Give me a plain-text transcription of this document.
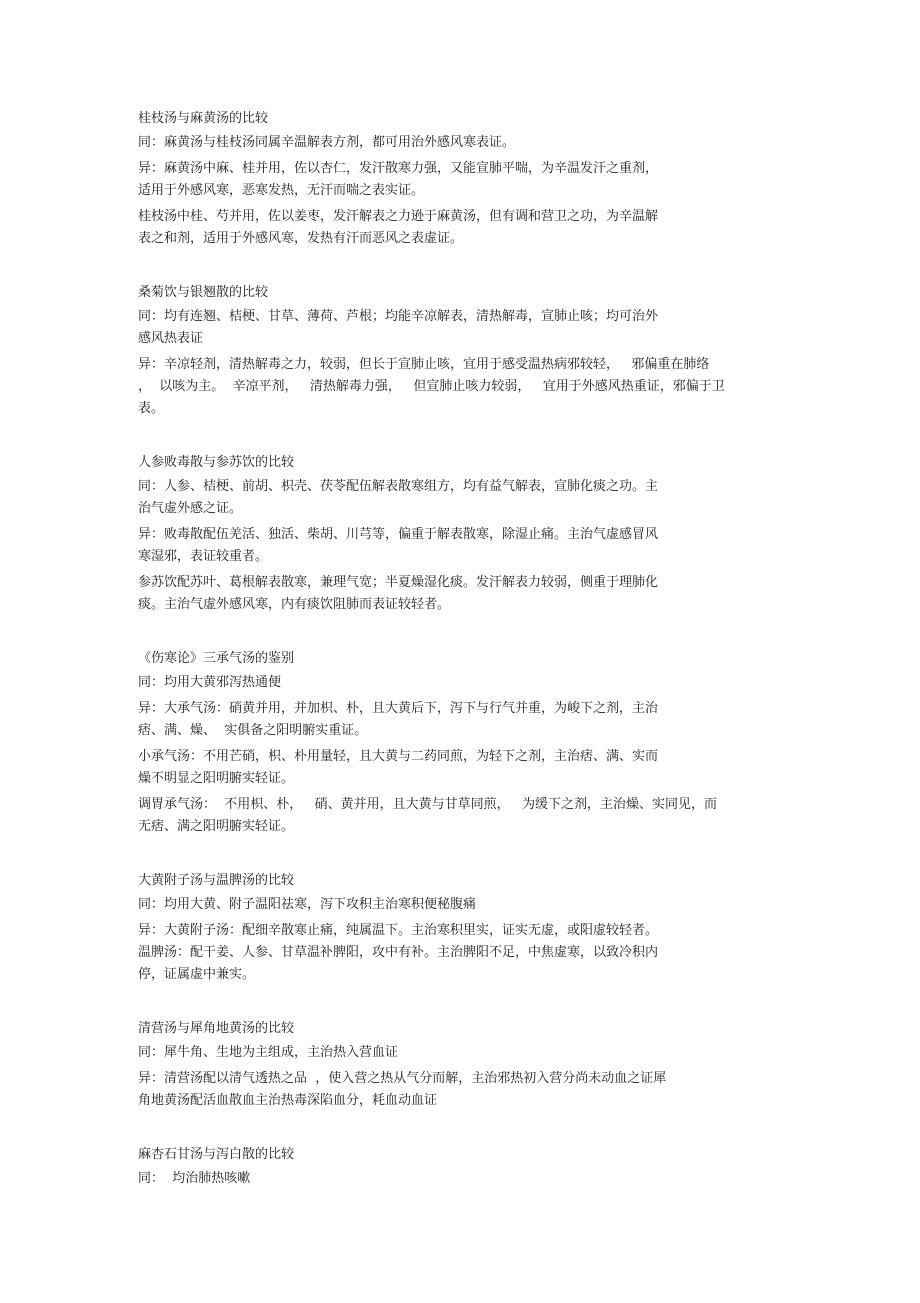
桂枝汤与麻黄汤的比较
同：麻黄汤与桂枝汤同属辛温解表方剂，都可用治外感风寒表证。
异：麻黄汤中麻、桂并用，佐以杏仁，发汗散寒力强，又能宣肺平喘，为辛温发汗之重剂，
适用于外感风寒，恶寒发热，无汗而喘之表实证。
桂枝汤中桂、芍并用，佐以姜枣，发汗解表之力逊于麻黄汤，但有调和营卫之功，为辛温解
表之和剂，适用于外感风寒，发热有汗而恶风之表虚证。
桑菊饮与银翘散的比较
同：均有连翘、桔梗、甘草、薄荷、芦根；均能辛凉解表，清热解毒，宣肺止咳；均可治外
感风热表证
异：辛凉轻剂，清热解毒之力，较弱，但长于宣肺止咳，宜用于感受温热病邪较轻，   邪偏重在肺络
，  以咳为主。  辛凉平剂，   清热解毒力强，   但宣肺止咳力较弱，   宜用于外感风热重证，邪偏于卫
表。
人参败毒散与参苏饮的比较
同：人参、桔梗、前胡、枳壳、茯苓配伍解表散寒组方，均有益气解表，宣肺化痰之功。主
治气虚外感之证。
异：败毒散配伍羌活、独活、柴胡、川芎等，偏重于解表散寒，除湿止痛。主治气虚感冒风
寒湿邪，表证较重者。
参苏饮配苏叶、葛根解表散寒，兼理气宽；半夏燥湿化痰。发汗解表力较弱，侧重于理肺化
痰。主治气虚外感风寒，内有痰饮阻肺而表证较轻者。
《伤寒论》三承气汤的鉴别
同：均用大黄邪泻热通便
异：大承气汤：硝黄并用，并加枳、朴，且大黄后下，泻下与行气并重，为峻下之剂，主治
痞、满、燥、  实俱备之阳明腑实重证。
小承气汤：不用芒硝，枳、朴用量轻，且大黄与二药同煎，为轻下之剂，主治痞、满、实而
燥不明显之阳明腑实轻证。
调胃承气汤：  不用枳、朴，   硝、黄并用，且大黄与甘草同煎，   为缓下之剂，主治燥、实同见，而
无痞、满之阳明腑实轻证。
大黄附子汤与温脾汤的比较
同：均用大黄、附子温阳祛寒，泻下攻积主治寒积便秘腹痛
异：大黄附子汤：配细辛散寒止痛，纯属温下。主治寒积里实，证实无虚，或阳虚较轻者。
温脾汤：配干姜、人参、甘草温补脾阳，攻中有补。主治脾阳不足，中焦虚寒，以致冷积内
停，证属虚中兼实。
清营汤与犀角地黄汤的比较
同：犀牛角、生地为主组成，主治热入营血证
异：清营汤配以清气透热之品  ，使入营之热从气分而解，主治邪热初入营分尚未动血之证犀
角地黄汤配活血散血主治热毒深陷血分，耗血动血证
麻杏石甘汤与泻白散的比较
同：  均治肺热咳嗽
